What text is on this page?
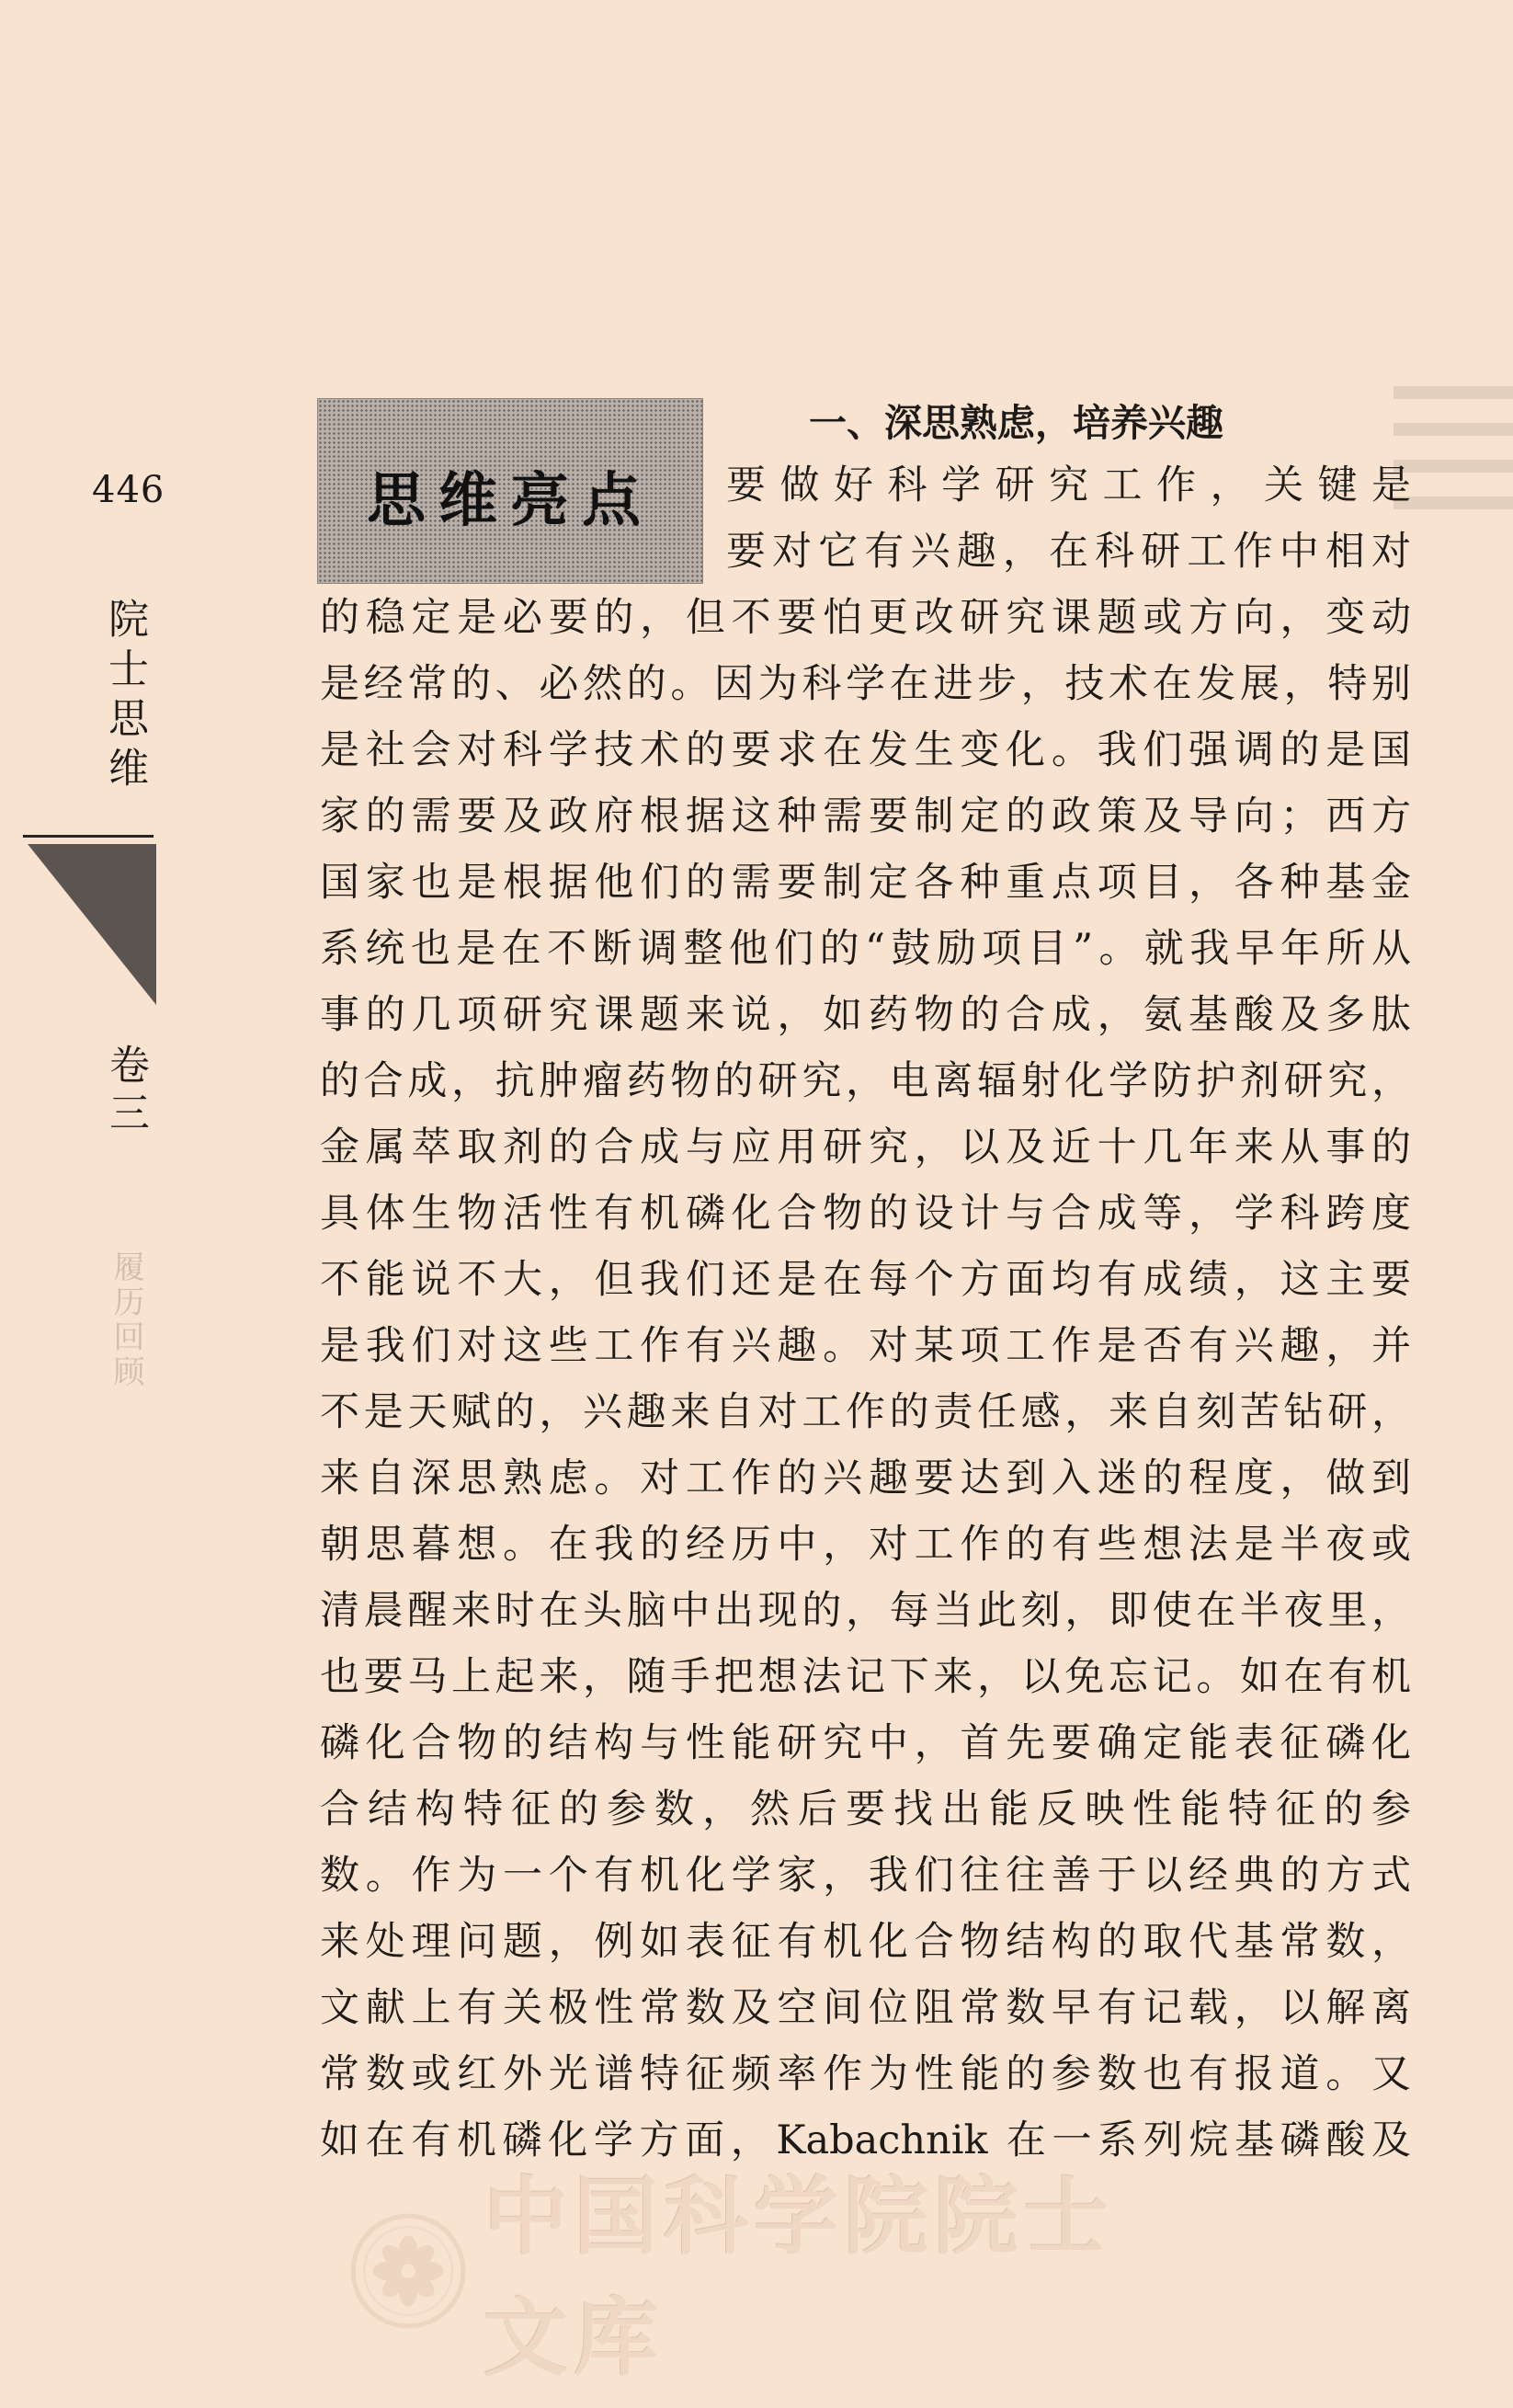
446
院士思维
卷三
履历回顾
思维亮点
一、深思熟虑，培养兴趣
要做好科学研究工作，关键是
要对它有兴趣，在科研工作中相对
的稳定是必要的，但不要怕更改研究课题或方向，变动
是经常的、必然的。因为科学在进步，技术在发展，特别
是社会对科学技术的要求在发生变化。我们强调的是国
家的需要及政府根据这种需要制定的政策及导向；西方
国家也是根据他们的需要制定各种重点项目，各种基金
系统也是在不断调整他们的“鼓励项目”。就我早年所从
事的几项研究课题来说，如药物的合成，氨基酸及多肽
的合成，抗肿瘤药物的研究，电离辐射化学防护剂研究，
金属萃取剂的合成与应用研究，以及近十几年来从事的
具体生物活性有机磷化合物的设计与合成等，学科跨度
不能说不大，但我们还是在每个方面均有成绩，这主要
是我们对这些工作有兴趣。对某项工作是否有兴趣，并
不是天赋的，兴趣来自对工作的责任感，来自刻苦钻研，
来自深思熟虑。对工作的兴趣要达到入迷的程度，做到
朝思暮想。在我的经历中，对工作的有些想法是半夜或
清晨醒来时在头脑中出现的，每当此刻，即使在半夜里，
也要马上起来，随手把想法记下来，以免忘记。如在有机
磷化合物的结构与性能研究中，首先要确定能表征磷化
合结构特征的参数，然后要找出能反映性能特征的参
数。作为一个有机化学家，我们往往善于以经典的方式
来处理问题，例如表征有机化合物结构的取代基常数，
文献上有关极性常数及空间位阻常数早有记载，以解离
常数或红外光谱特征频率作为性能的参数也有报道。又
如在有机磷化学方面，Kabachnik 在一系列烷基磷酸及
中国科学院院士文库
